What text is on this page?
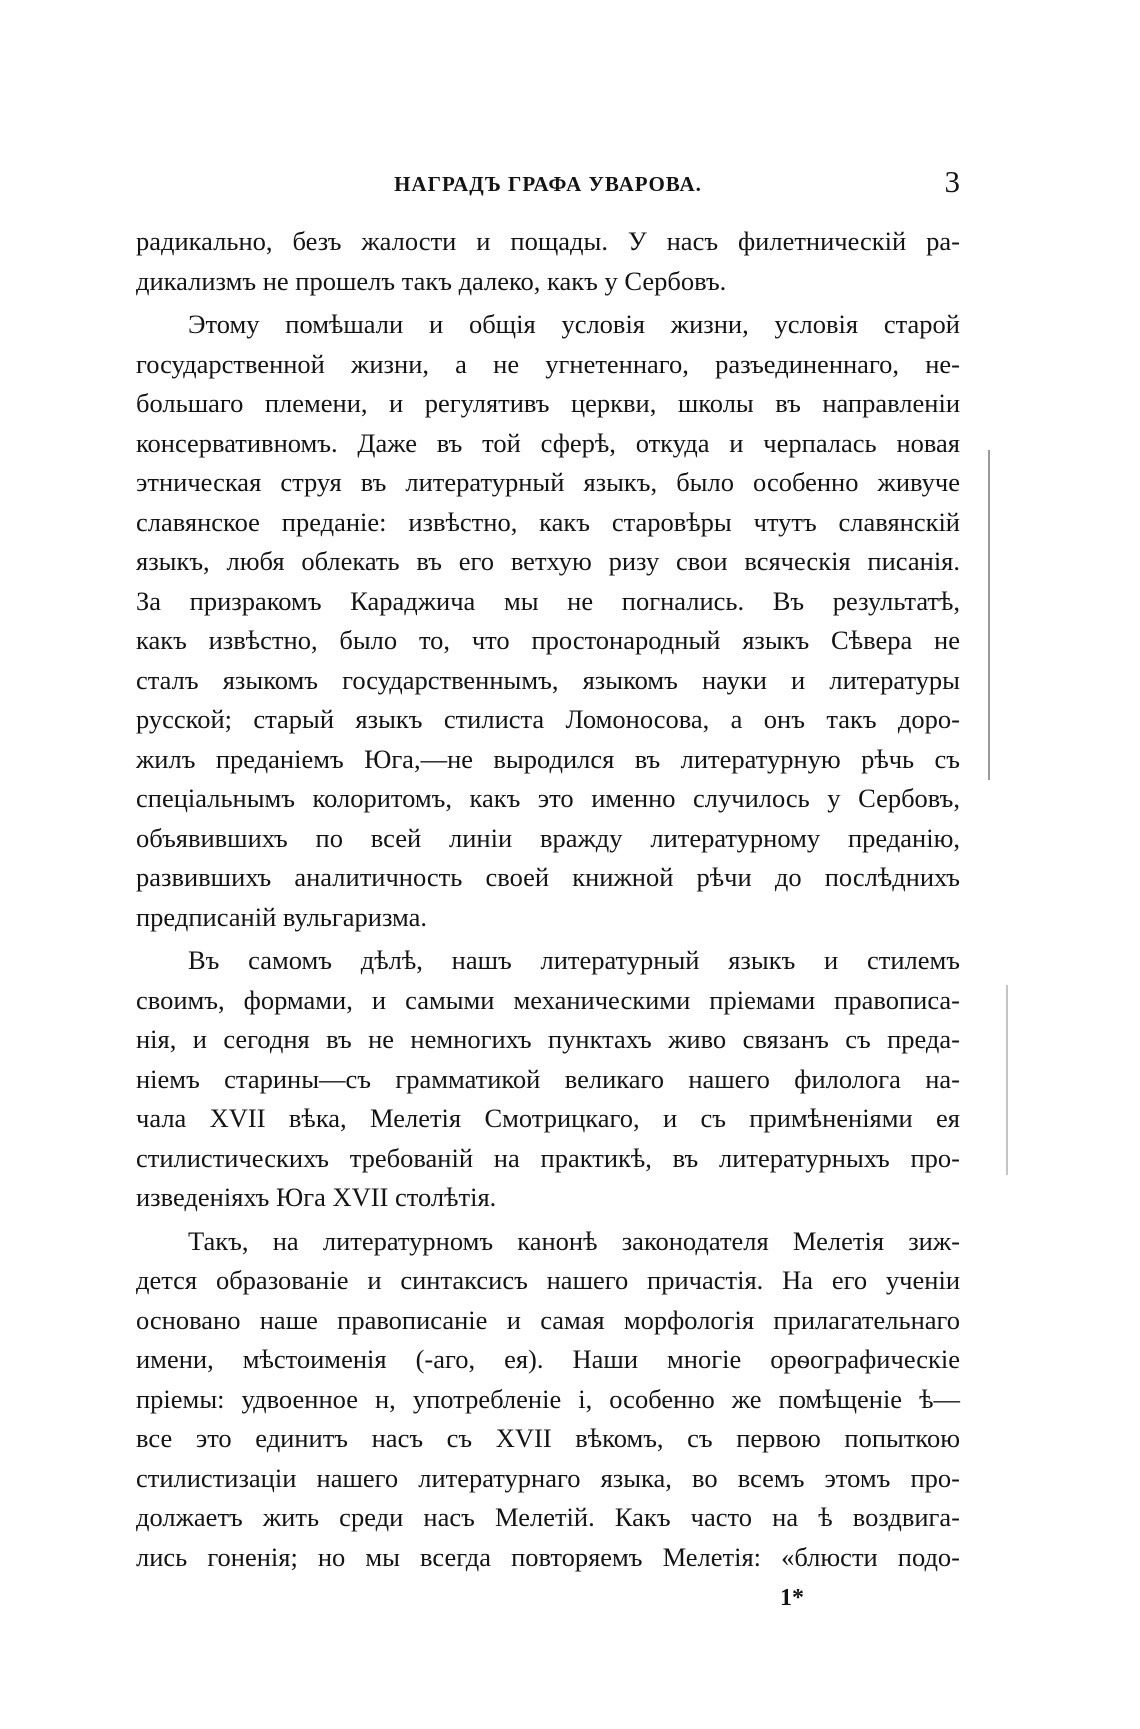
НАГРАДЪ ГРАФА УВАРОВА.	3
радикально, безъ жалости и пощады. У насъ филетническій ра-
дикализмъ не прошелъ такъ далеко, какъ у Сербовъ.
Этому помѣшали и общія условія жизни, условія старой
государственной жизни, а не угнетеннаго, разъединеннаго, не-
большаго племени, и регулятивъ церкви, школы въ направленіи
консервативномъ. Даже въ той сферѣ, откуда и черпалась новая
этническая струя въ литературный языкъ, было особенно живуче
славянское преданіе: извѣстно, какъ старовѣры чтутъ славянскій
языкъ, любя облекать въ его ветхую ризу свои всяческія писанія.
За призракомъ Караджича мы не погнались. Въ результатѣ,
какъ извѣстно, было то, что простонародный языкъ Сѣвера не
сталъ языкомъ государственнымъ, языкомъ науки и литературы
русской; старый языкъ стилиста Ломоносова, а онъ такъ доро-
жилъ преданіемъ Юга,—не выродился въ литературную рѣчь съ
спеціальнымъ колоритомъ, какъ это именно случилось у Сербовъ,
объявившихъ по всей линіи вражду литературному преданію,
развившихъ аналитичность своей книжной рѣчи до послѣднихъ
предписаній вульгаризма.
Въ самомъ дѣлѣ, нашъ литературный языкъ и стилемъ
своимъ, формами, и самыми механическими пріемами правописа-
нія, и сегодня въ не немногихъ пунктахъ живо связанъ съ преда-
ніемъ старины—съ грамматикой великаго нашего филолога на-
чала XVII вѣка, Мелетія Смотрицкаго, и съ примѣненіями ея
стилистическихъ требованій на практикѣ, въ литературныхъ про-
изведеніяхъ Юга XVII столѣтія.
Такъ, на литературномъ канонѣ законодателя Мелетія зиж-
дется образованіе и синтаксисъ нашего причастія. На его ученіи
основано наше правописаніе и самая морфологія прилагательнаго
имени, мѣстоименія (-аго, ея). Наши многіе орѳографическіе
пріемы: удвоенное н, употребленіе і, особенно же помѣщеніе ѣ—
все это единитъ насъ съ XVII вѣкомъ, съ первою попыткою
стилистизаціи нашего литературнаго языка, во всемъ этомъ про-
должаетъ жить среди насъ Мелетій. Какъ часто на ѣ воздвига-
лись гоненія; но мы всегда повторяемъ Мелетія: «блюсти подо-
1*
